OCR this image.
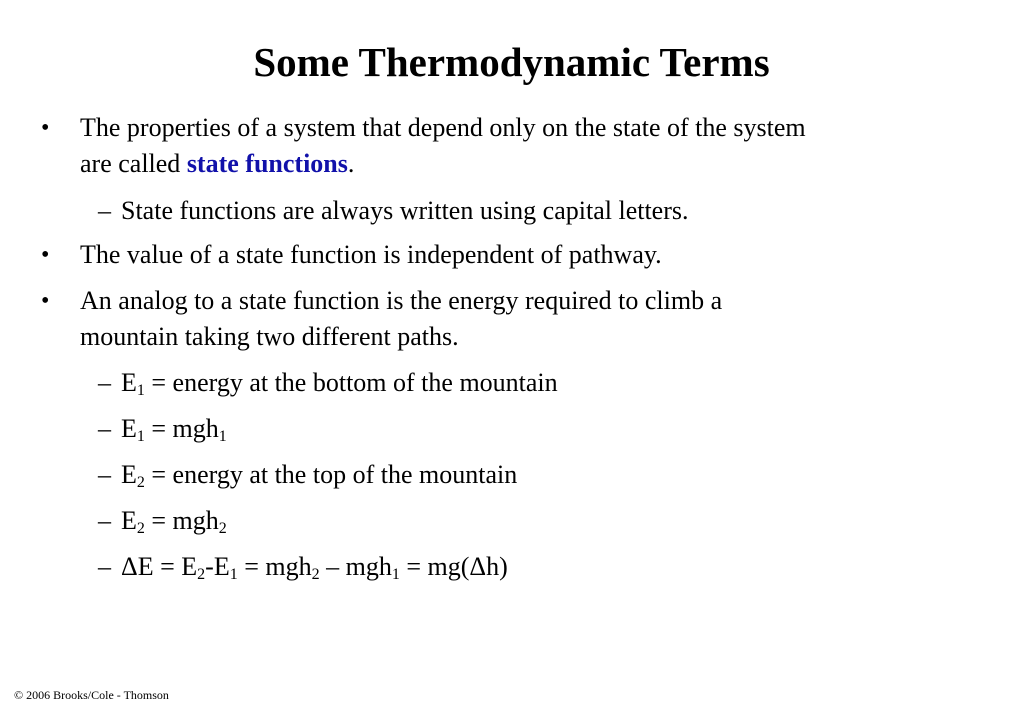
Some Thermodynamic Terms
• The properties of a system that depend only on the state of the system
are called state functions.
– State functions are always written using capital letters.
• The value of a state function is independent of pathway.
• An analog to a state function is the energy required to climb a
mountain taking two different paths.
– $E_1$ = energy at the bottom of the mountain
– $E_1 = mgh_1$
– $E_2$ = energy at the top of the mountain
– $E_2 = mgh_2$
– $\Delta E = E_2-E_1 = mgh_2 - mgh_1 = mg(\Delta h)$
© 2006 Brooks/Cole - Thomson
